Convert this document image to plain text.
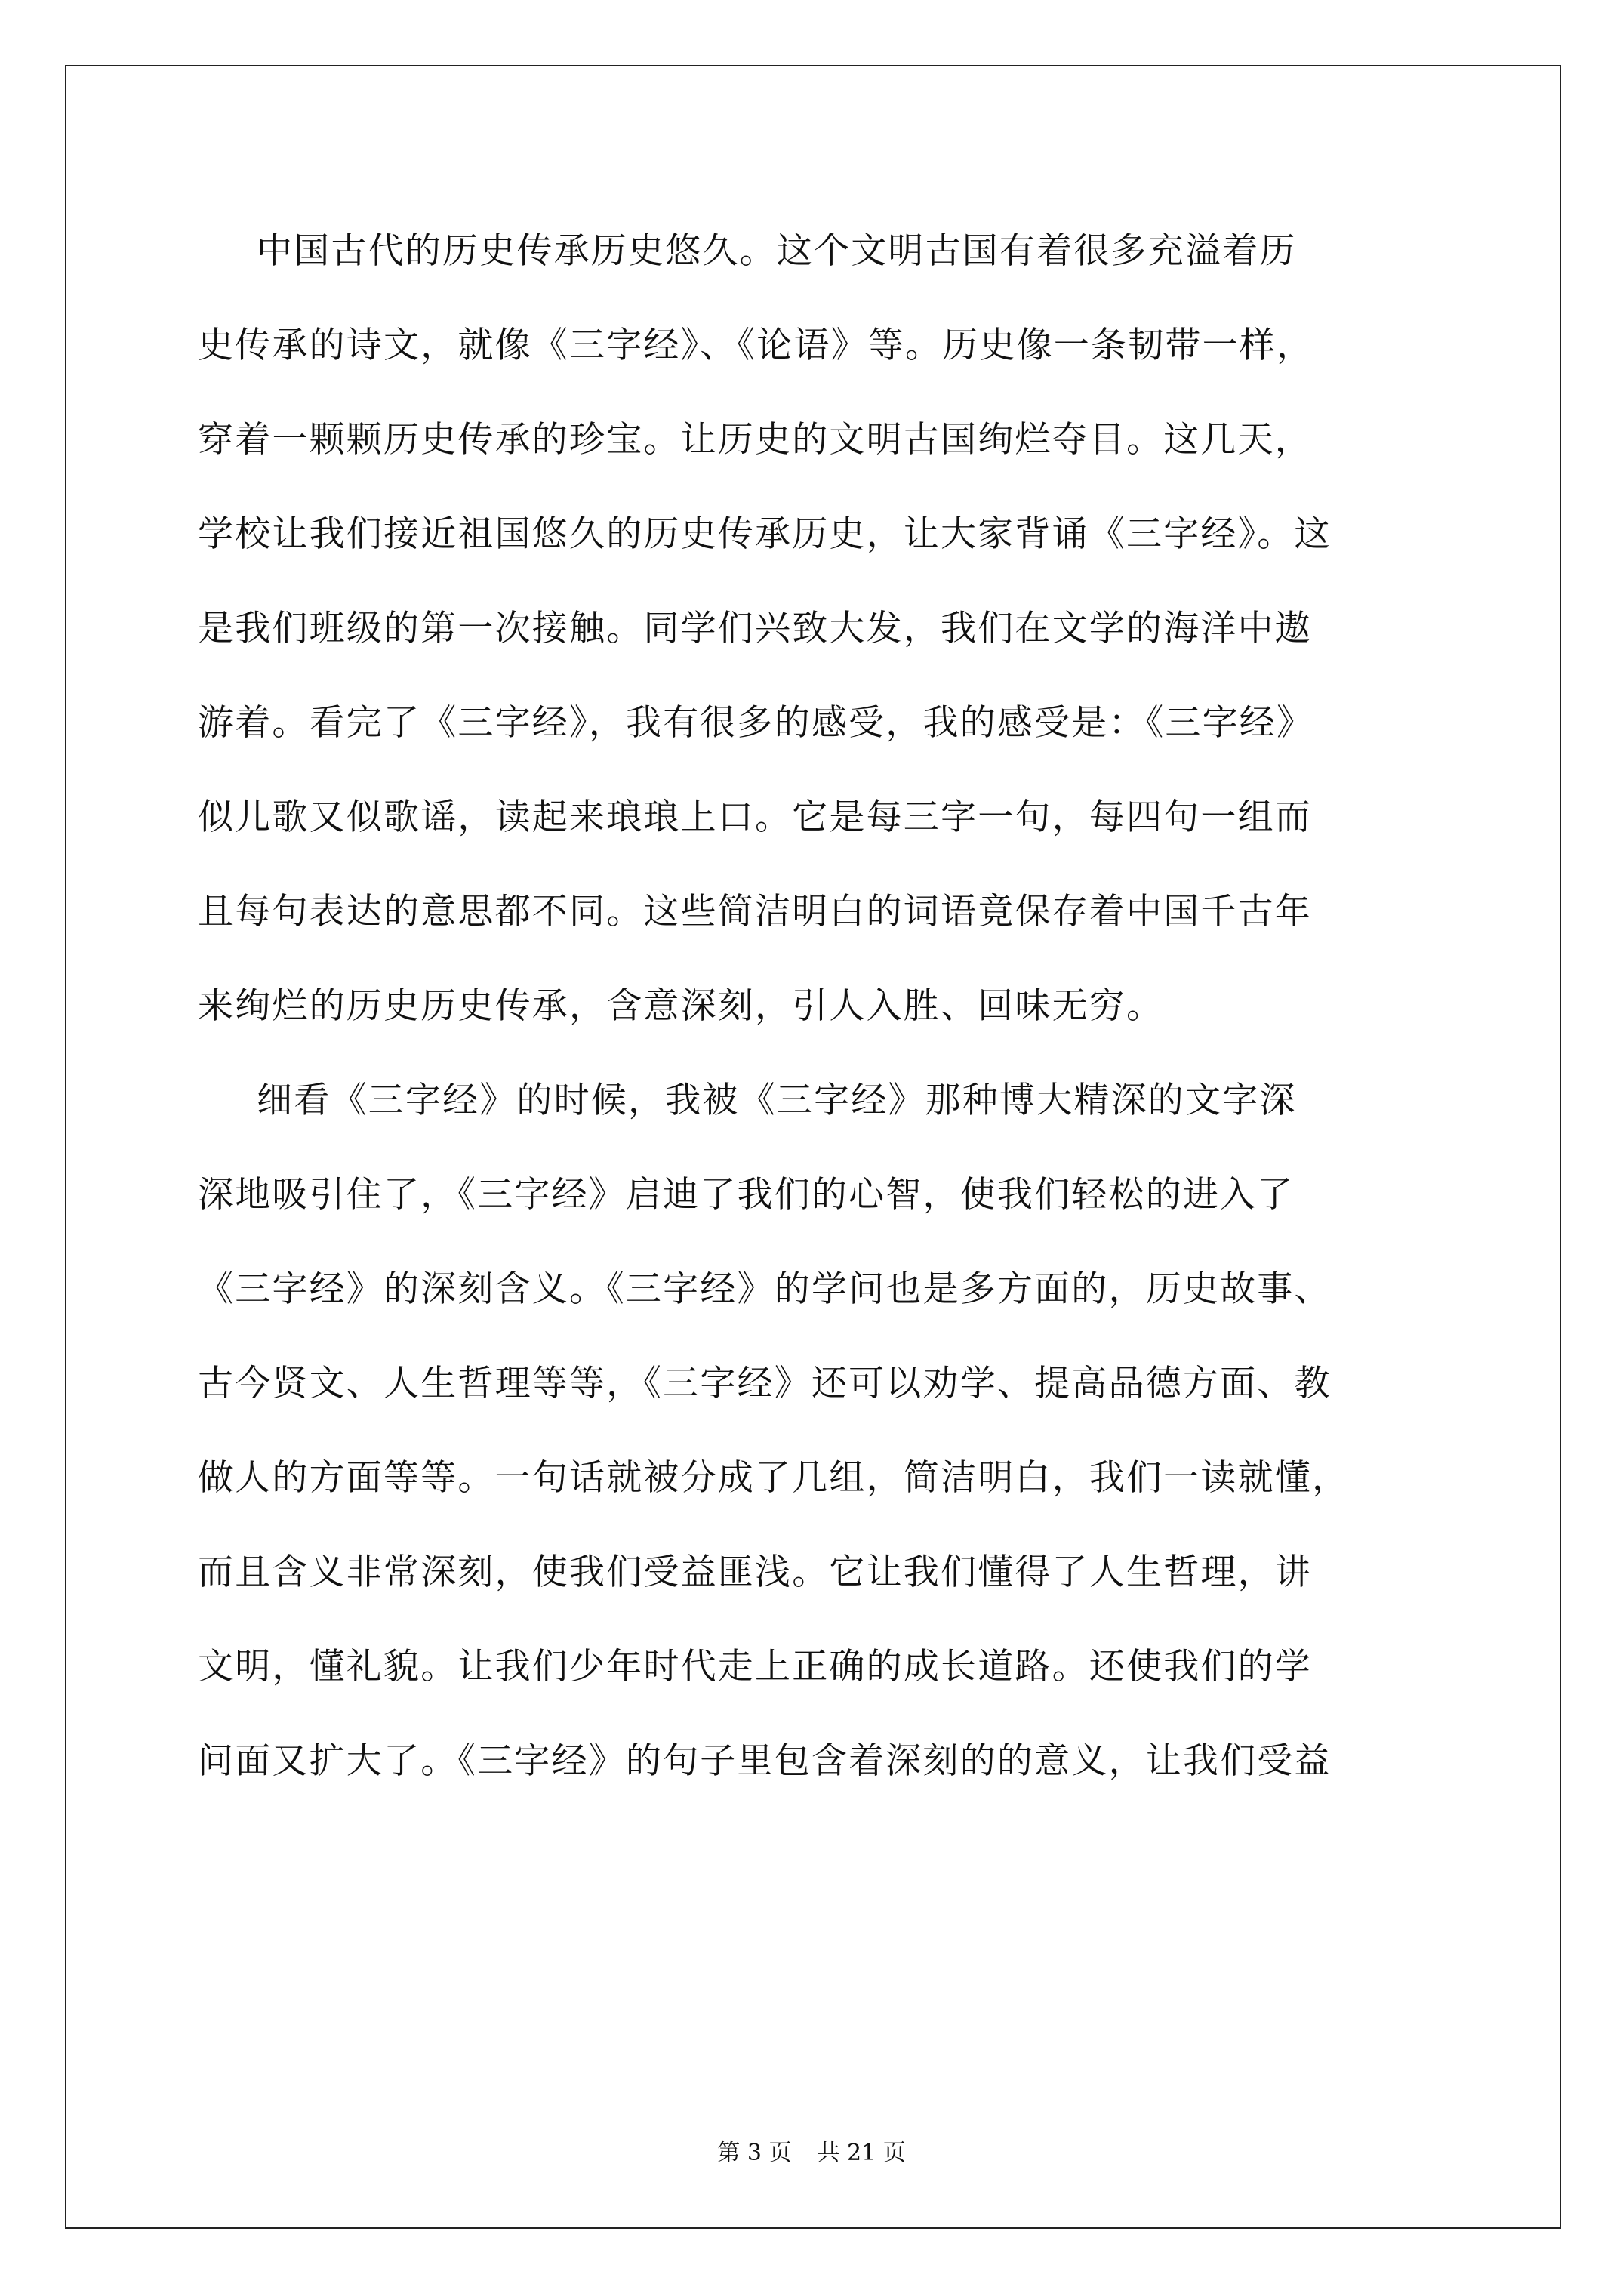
中国古代的历史传承历史悠久。这个文明古国有着很多充溢着历
史传承的诗文，就像《三字经》、《论语》等。历史像一条韧带一样，
穿着一颗颗历史传承的珍宝。让历史的文明古国绚烂夺目。这几天，
学校让我们接近祖国悠久的历史传承历史，让大家背诵《三字经》。这
是我们班级的第一次接触。同学们兴致大发，我们在文学的海洋中遨
游着。看完了《三字经》，我有很多的感受，我的感受是：《三字经》
似儿歌又似歌谣，读起来琅琅上口。它是每三字一句，每四句一组而
且每句表达的意思都不同。这些简洁明白的词语竟保存着中国千古年
来绚烂的历史历史传承，含意深刻，引人入胜、回味无穷。
细看《三字经》的时候，我被《三字经》那种博大精深的文字深
深地吸引住了，《三字经》启迪了我们的心智，使我们轻松的进入了
《三字经》的深刻含义。《三字经》的学问也是多方面的，历史故事、
古今贤文、人生哲理等等，《三字经》还可以劝学、提高品德方面、教
做人的方面等等。一句话就被分成了几组，简洁明白，我们一读就懂，
而且含义非常深刻，使我们受益匪浅。它让我们懂得了人生哲理，讲
文明，懂礼貌。让我们少年时代走上正确的成长道路。还使我们的学
问面又扩大了。《三字经》的句子里包含着深刻的的意义，让我们受益
第 3 页 共 21 页
